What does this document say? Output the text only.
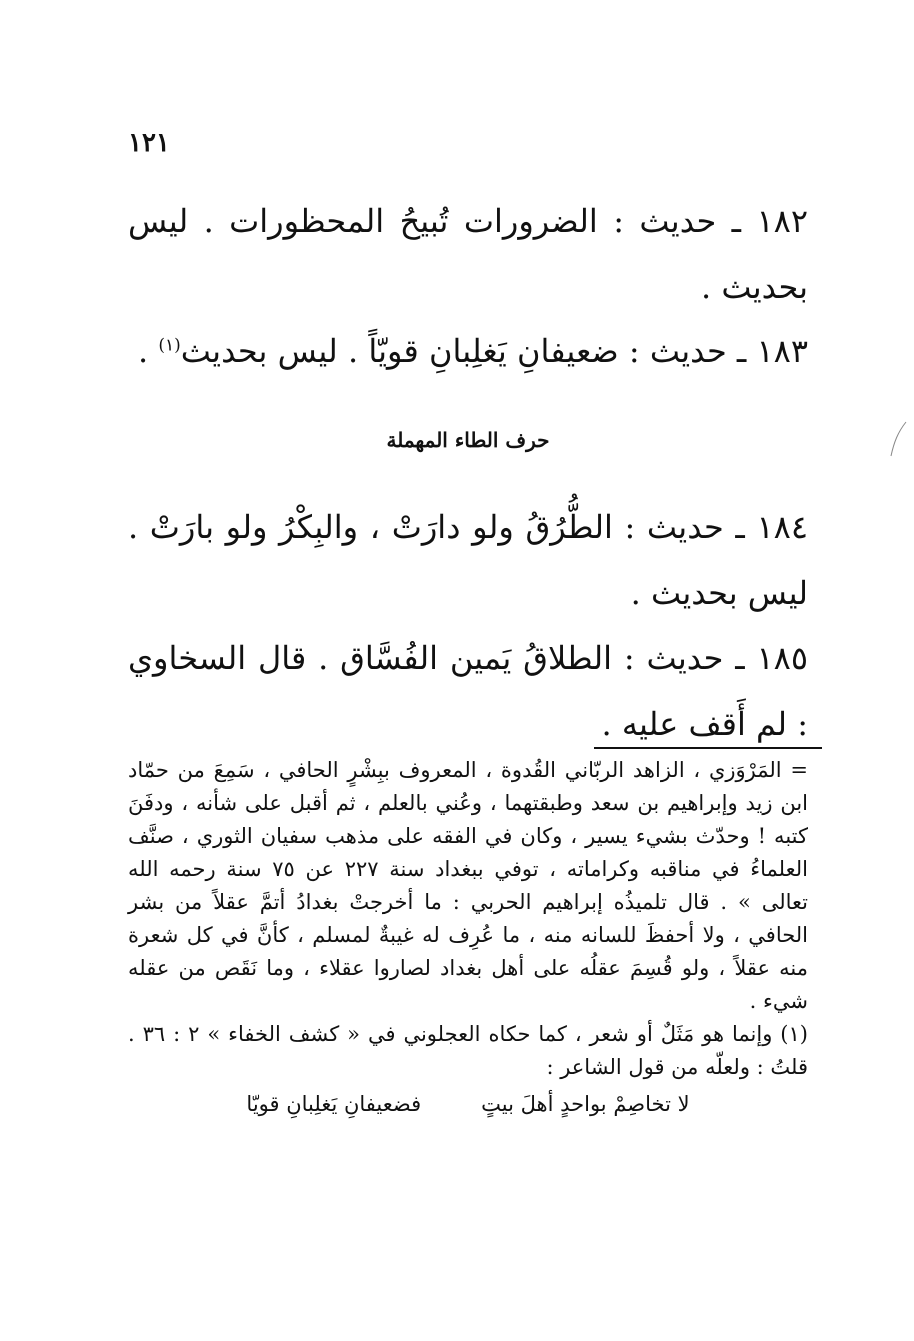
١٢١

١٨٢ ـ حديث : الضرورات تُبيحُ المحظورات . ليس بحديث .

١٨٣ ـ حديث : ضعيفانِ يَغلِبانِ قويّاً . ليس بحديث$^{(١)}$ .

حرف الطاء المهملة

١٨٤ ـ حديث : الطُّرُقُ ولو دارَتْ ، والبِكْرُ ولو بارَتْ . ليس بحديث .

١٨٥ ـ حديث : الطلاقُ يَمين الفُسَّاق . قال السخاوي : لم أَقف عليه .

= المَرْوَزي ، الزاهد الربّاني القُدوة ، المعروف ببِشْرٍ الحافي ، سَمِعَ من حمّاد ابن زيد وإبراهيم بن سعد وطبقتهما ، وعُني بالعلم ، ثم أقبل على شأنه ، ودفَنَ كتبه ! وحدّث بشيء يسير ، وكان في الفقه على مذهب سفيان الثوري ، صنَّف العلماءُ في مناقبه وكراماته ، توفي ببغداد سنة ٢٢٧ عن ٧٥ سنة رحمه الله تعالى » . قال تلميذُه إبراهيم الحربي : ما أخرجتْ بغدادُ أتمَّ عقلاً من بشر الحافي ، ولا أحفظَ للسانه منه ، ما عُرِف له غيبةٌ لمسلم ، كأنَّ في كل شعرة منه عقلاً ، ولو قُسِمَ عقلُه على أهل بغداد لصاروا عقلاء ، وما نَقَص من عقله شيء .

(١) وإنما هو مَثَلٌ أو شعر ، كما حكاه العجلوني في « كشف الخفاء » ٢ : ٣٦ . قلتُ : ولعلّه من قول الشاعر :

لا تخاصِمْ بواحدٍ أهلَ بيتٍ
فضعيفانِ يَغلِبانِ قويّا
